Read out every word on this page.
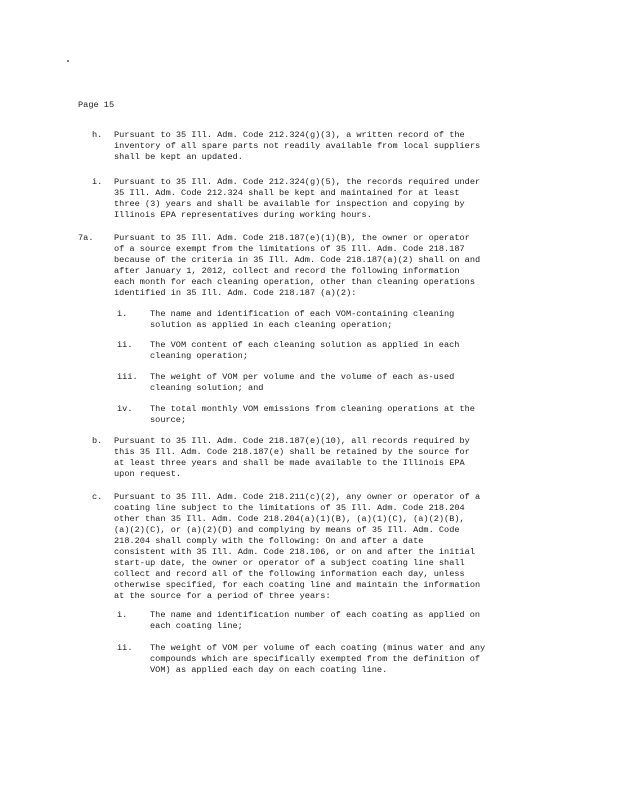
Page 15
h. Pursuant to 35 Ill. Adm. Code 212.324(g)(3), a written record of the
inventory of all spare parts not readily available from local suppliers
shall be kept an updated.
i. Pursuant to 35 Ill. Adm. Code 212.324(g)(5), the records required under
35 Ill. Adm. Code 212.324 shall be kept and maintained for at least
three (3) years and shall be available for inspection and copying by
Illinois EPA representatives during working hours.
7a. Pursuant to 35 Ill. Adm. Code 218.187(e)(1)(B), the owner or operator
of a source exempt from the limitations of 35 Ill. Adm. Code 218.187
because of the criteria in 35 Ill. Adm. Code 218.187(a)(2) shall on and
after January 1, 2012, collect and record the following information
each month for each cleaning operation, other than cleaning operations
identified in 35 Ill. Adm. Code 218.187 (a)(2):
i.	The name and identification of each VOM-containing cleaning
solution as applied in each cleaning operation;
ii. The VOM content of each cleaning solution as applied in each
cleaning operation;
iii. The weight of VOM per volume and the volume of each as-used
cleaning solution; and
iv. The total monthly VOM emissions from cleaning operations at the
source;
b. Pursuant to 35 Ill. Adm. Code 218.187(e)(10), all records required by
this 35 Ill. Adm. Code 218.187(e) shall be retained by the source for
at least three years and shall be made available to the Illinois EPA
upon request.
c. Pursuant to 35 Ill. Adm. Code 218.211(c)(2), any owner or operator of a
coating line subject to the limitations of 35 Ill. Adm. Code 218.204
other than 35 Ill. Adm. Code 218.204(a)(1)(B), (a)(1)(C), (a)(2)(B),
(a)(2)(C), or (a)(2)(D) and complying by means of 35 Ill. Adm. Code
218.204 shall comply with the following: On and after a date
consistent with 35 Ill. Adm. Code 218.106, or on and after the initial
start-up date, the owner or operator of a subject coating line shall
collect and record all of the following information each day, unless
otherwise specified, for each coating line and maintain the information
at the source for a period of three years:
i.	The name and identification number of each coating as applied on
each coating line;
ii. The weight of VOM per volume of each coating (minus water and any
compounds which are specifically exempted from the definition of
VOM) as applied each day on each coating line.
